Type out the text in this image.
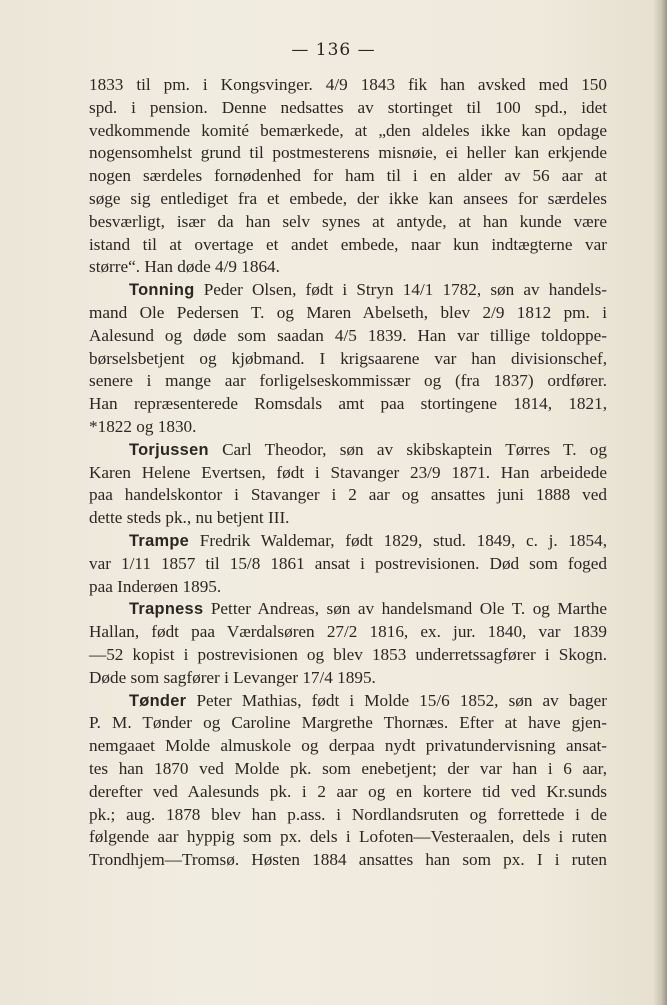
— 136 —
1833 til pm. i Kongsvinger. 4/9 1843 fik han avsked med 150
spd. i pension. Denne nedsattes av stortinget til 100 spd., idet
vedkommende komité bemærkede, at „den aldeles ikke kan opdage
nogensomhelst grund til postmesterens misnøie, ei heller kan erkjende
nogen særdeles fornødenhed for ham til i en alder av 56 aar at
søge sig entlediget fra et embede, der ikke kan ansees for særdeles
besværligt, især da han selv synes at antyde, at han kunde være
istand til at overtage et andet embede, naar kun indtægterne var
større“. Han døde 4/9 1864.
Tonning Peder Olsen, født i Stryn 14/1 1782, søn av handels-
mand Ole Pedersen T. og Maren Abelseth, blev 2/9 1812 pm. i
Aalesund og døde som saadan 4/5 1839. Han var tillige toldoppe-
børselsbetjent og kjøbmand. I krigsaarene var han divisionschef,
senere i mange aar forligelseskommissær og (fra 1837) ordfører.
Han repræsenterede Romsdals amt paa stortingene 1814, 1821,
*1822 og 1830.
Torjussen Carl Theodor, søn av skibskaptein Tørres T. og
Karen Helene Evertsen, født i Stavanger 23/9 1871. Han arbeidede
paa handelskontor i Stavanger i 2 aar og ansattes juni 1888 ved
dette steds pk., nu betjent III.
Trampe Fredrik Waldemar, født 1829, stud. 1849, c. j. 1854,
var 1/11 1857 til 15/8 1861 ansat i postrevisionen. Død som foged
paa Inderøen 1895.
Trapness Petter Andreas, søn av handelsmand Ole T. og Marthe
Hallan, født paa Værdalsøren 27/2 1816, ex. jur. 1840, var 1839
—52 kopist i postrevisionen og blev 1853 underretssagfører i Skogn.
Døde som sagfører i Levanger 17/4 1895.
Tønder Peter Mathias, født i Molde 15/6 1852, søn av bager
P. M. Tønder og Caroline Margrethe Thornæs. Efter at have gjen-
nemgaaet Molde almuskole og derpaa nydt privatundervisning ansat-
tes han 1870 ved Molde pk. som enebetjent; der var han i 6 aar,
derefter ved Aalesunds pk. i 2 aar og en kortere tid ved Kr.sunds
pk.; aug. 1878 blev han p.ass. i Nordlandsruten og forrettede i de
følgende aar hyppig som px. dels i Lofoten—Vesteraalen, dels i ruten
Trondhjem—Tromsø. Høsten 1884 ansattes han som px. I i ruten
